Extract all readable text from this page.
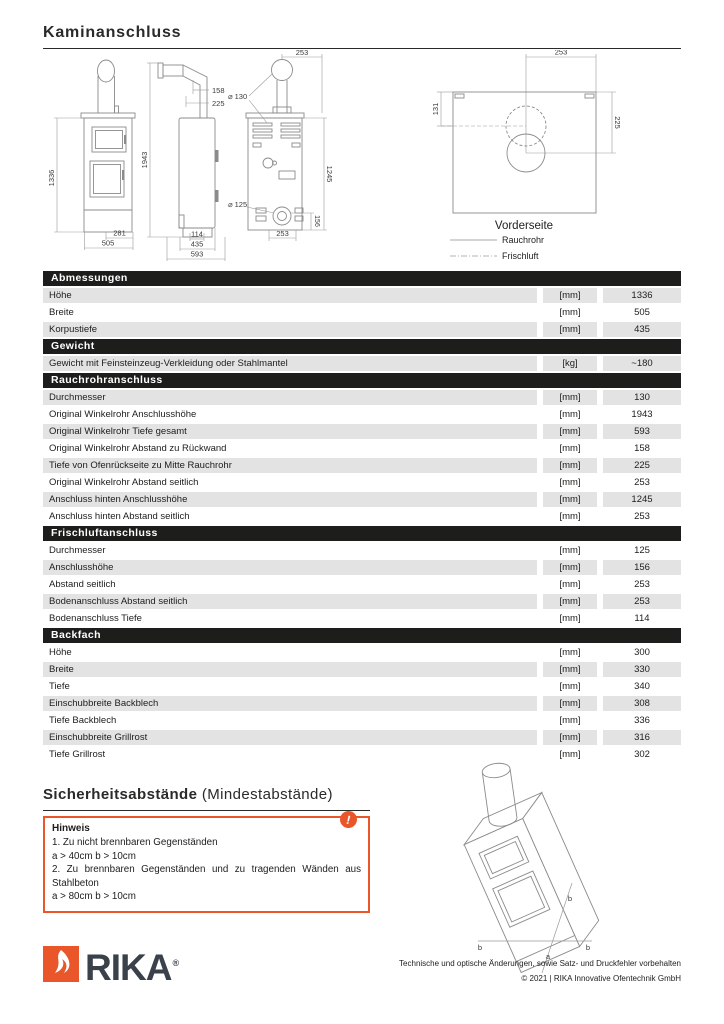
Kaminanschluss
1336
281
505
1943
158
225
114
435
593
253
⌀ 130
⌀ 125
1245
156
253
253
131
225
Vorderseite
Rauchrohr
Frischluft
Abmessungen
Höhe	[mm]	1336
Breite	[mm]	505
Korpustiefe	[mm]	435
Gewicht
Gewicht mit Feinsteinzeug-Verkleidung oder Stahlmantel	[kg]	~180
Rauchrohranschluss
Durchmesser	[mm]	130
Original Winkelrohr Anschlusshöhe	[mm]	1943
Original Winkelrohr Tiefe gesamt	[mm]	593
Original Winkelrohr Abstand zu Rückwand	[mm]	158
Tiefe von Ofenrückseite zu Mitte Rauchrohr	[mm]	225
Original Winkelrohr Abstand seitlich	[mm]	253
Anschluss hinten Anschlusshöhe	[mm]	1245
Anschluss hinten Abstand seitlich	[mm]	253
Frischluftanschluss
Durchmesser	[mm]	125
Anschlusshöhe	[mm]	156
Abstand seitlich	[mm]	253
Bodenanschluss Abstand seitlich	[mm]	253
Bodenanschluss Tiefe	[mm]	114
Backfach
Höhe	[mm]	300
Breite	[mm]	330
Tiefe	[mm]	340
Einschubbreite Backblech	[mm]	308
Tiefe Backblech	[mm]	336
Einschubbreite Grillrost	[mm]	316
Tiefe Grillrost	[mm]	302
Sicherheitsabstände (Mindestabstände)
!
Hinweis
1. Zu nicht brennbaren Gegenständen
a > 40cm b > 10cm
2. Zu brennbaren Gegenständen und zu tragenden Wänden aus Stahlbeton
a > 80cm b > 10cm
b	b
b
a
RIKA®	Technische und optische Änderungen, sowie Satz- und Druckfehler vorbehalten
© 2021 | RIKA Innovative Ofentechnik GmbH
